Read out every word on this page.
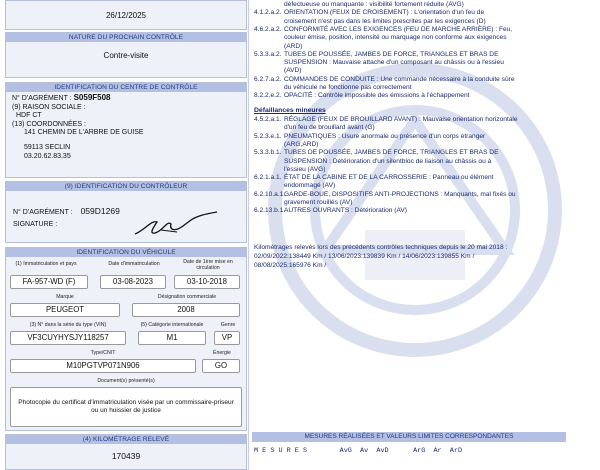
26/12/2025
NATURE DU PROCHAIN CONTRÔLE
Contre-visite
IDENTIFICATION DU CENTRE DE CONTRÔLE
N° D'AGRÉMENT : S059F508
(9) RAISON SOCIALE :
HDF CT
(13) COORDONNÉES :
141 CHEMIN DE L'ARBRE DE GUISE
59113 SECLIN
03.20.62.83.35
(9) IDENTIFICATION DU CONTRÔLEUR
N° D'AGRÉMENT : 059D1269
SIGNATURE :
IDENTIFICATION DU VÉHICULE
(1) Immatriculation et pays	Date d'immatriculation	Date de 1ère mise en circulation
FA-957-WD (F)	03-08-2023	03-10-2018
Marque	Désignation commerciale
PEUGEOT	2008
(3) N° dans la série du type (VIN)	(5) Catégorie internationale	Genre
VF3CUYHYSJY118257	M1	VP
Type/CNIT	Énergie
M10PGTVP071N906	GO
Document(s) présenté(s)
Photocopie du certificat d'immatriculation visée par un commissaire-priseur ou un huissier de justice
(4) KILOMÉTRAGE RELEVÉ
170439
défectueuse ou manquante : visibilité fortement réduite (AVG)
4.1.2.a.2. ORIENTATION (FEUX DE CROISEMENT) : L'orientation d'un feu de
croisement n'est pas dans les limites prescrites par les exigences (D)
4.6.2.a.2. CONFORMITÉ AVEC LES EXIGENCES (FEU DE MARCHE ARRIÈRE) : Feu,
couleur émise, position, intensité ou marquage non conforme aux exigences
(ARD)
5.3.3.a.2. TUBES DE POUSSÉE, JAMBES DE FORCE, TRIANGLES ET BRAS DE
SUSPENSION : Mauvaise attache d'un composant au châssis ou à l'essieu
(AVD)
6.2.7.a.2. COMMANDES DE CONDUITE : Une commande nécessaire à la conduite sûre
du véhicule ne fonctionne pas correctement
8.2.2.e.2. OPACITÉ : Contrôle impossible des émissions à l'échappement
Défaillances mineures
4.5.2.a.1. RÉGLAGE (FEUX DE BROUILLARD AVANT) : Mauvaise orientation horizontale
d'un feu de brouillard avant (G)
5.2.3.e.1. PNEUMATIQUES : Usure anormale ou présence d'un corps étranger
(ARG,ARD)
5.3.3.b.1. TUBES DE POUSSÉE, JAMBES DE FORCE, TRIANGLES ET BRAS DE
SUSPENSION : Détérioration d'un silentbloc de liaison au châssis ou à
l'essieu (AVG)
6.2.1.a.1. ÉTAT DE LA CABINE ET DE LA CARROSSERIE : Panneau ou élément
endommagé (AV)
6.2.10.a.1.GARDE-BOUE, DISPOSITIFS ANTI-PROJECTIONS : Manquants, mal fixés ou
gravement rouillés (AV)
6.2.13.b.1.AUTRES OUVRANTS : Détérioration (AV)
Kilométrages relevés lors des précédents contrôles techniques depuis le 20 mai 2018 :
02/09/2022:138449 Km / 13/06/2023:139839 Km / 14/06/2023:139855 Km /
08/08/2025:165976 Km /
MESURES RÉALISÉES ET VALEURS LIMITES CORRESPONDANTES
M E S U R E S        AvG  Av  AvD      ArG  Ar  ArD
